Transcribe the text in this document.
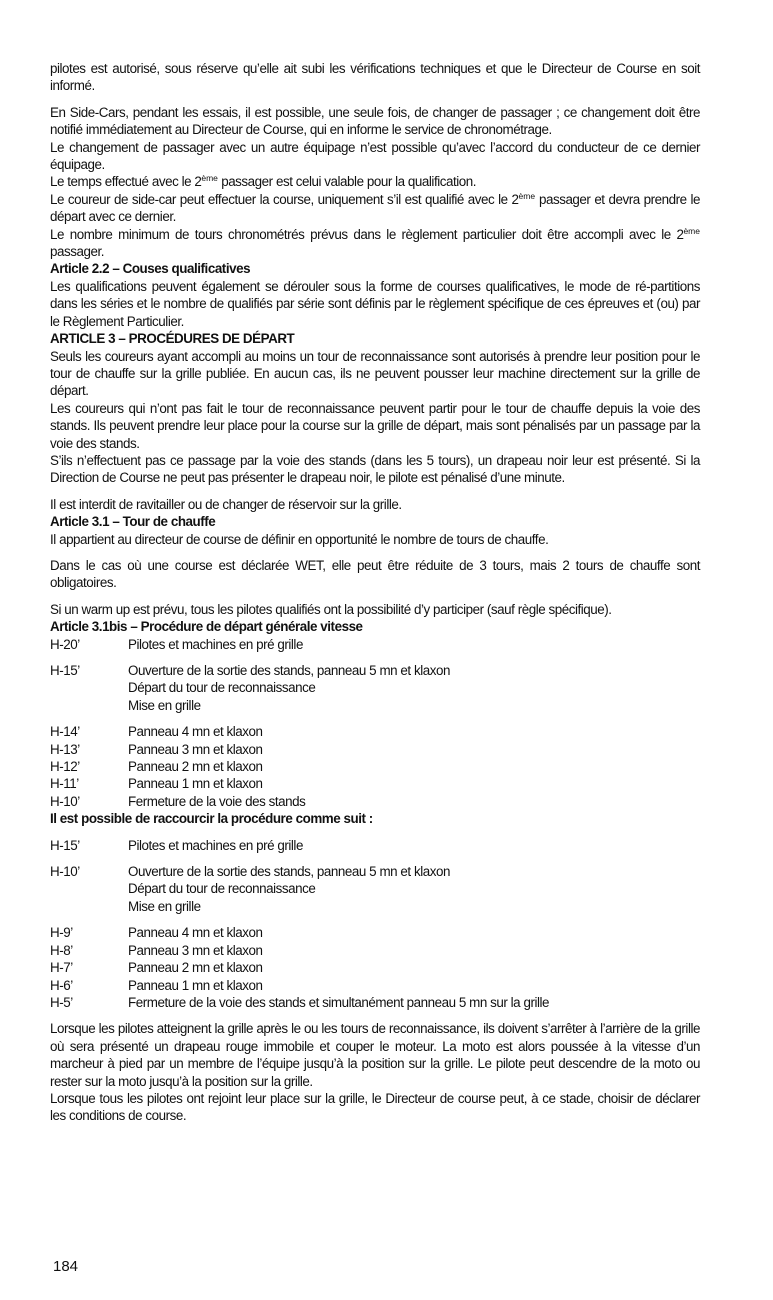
pilotes est autorisé, sous réserve qu’elle ait subi les vérifications techniques et que le Directeur de Course en soit informé.

En Side-Cars, pendant les essais, il est possible, une seule fois, de changer de passager ; ce changement doit être notifié immédiatement au Directeur de Course, qui en informe le service de chronométrage.

Le changement de passager avec un autre équipage n’est possible qu’avec l’accord du conducteur de ce dernier équipage.

Le temps effectué avec le 2ème passager est celui valable pour la qualification.

Le coureur de side-car peut effectuer la course, uniquement s’il est qualifié avec le 2ème passager et devra prendre le départ avec ce dernier.

Le nombre minimum de tours chronométrés prévus dans le règlement particulier doit être accompli avec le 2ème passager.

Article 2.2 – Couses qualificatives

Les qualifications peuvent également se dérouler sous la forme de courses qualificatives, le mode de ré-partitions dans les séries et le nombre de qualifiés par série sont définis par le règlement spécifique de ces épreuves et (ou) par le Règlement Particulier.

ARTICLE 3 – PROCÉDURES DE DÉPART

Seuls les coureurs ayant accompli au moins un tour de reconnaissance sont autorisés à prendre leur position pour le tour de chauffe sur la grille publiée. En aucun cas, ils ne peuvent pousser leur machine directement sur la grille de départ.

Les coureurs qui n’ont pas fait le tour de reconnaissance peuvent partir pour le tour de chauffe depuis la voie des stands. Ils peuvent prendre leur place pour la course sur la grille de départ, mais sont pénalisés par un passage par la voie des stands.

S’ils n’effectuent pas ce passage par la voie des stands (dans les 5 tours), un drapeau noir leur est présenté. Si la Direction de Course ne peut pas présenter le drapeau noir, le pilote est pénalisé d’une minute.

Il est interdit de ravitailler ou de changer de réservoir sur la grille.

Article 3.1 – Tour de chauffe

Il appartient au directeur de course de définir en opportunité le nombre de tours de chauffe.

Dans le cas où une course est déclarée WET, elle peut être réduite de 3 tours, mais 2 tours de chauffe sont obligatoires.

Si un warm up est prévu, tous les pilotes qualifiés ont la possibilité d’y participer (sauf règle spécifique).

Article 3.1bis – Procédure de départ générale vitesse

H-20’	Pilotes et machines en pré grille
H-15’	Ouverture de la sortie des stands, panneau 5 mn et klaxon
Départ du tour de reconnaissance
Mise en grille
H-14’	Panneau 4 mn et klaxon
H-13’	Panneau 3 mn et klaxon
H-12’	Panneau 2 mn et klaxon
H-11’	Panneau 1 mn et klaxon
H-10’	Fermeture de la voie des stands

Il est possible de raccourcir la procédure comme suit :

H-15’	Pilotes et machines en pré grille
H-10’	Ouverture de la sortie des stands, panneau 5 mn et klaxon
Départ du tour de reconnaissance
Mise en grille
H-9’	Panneau 4 mn et klaxon
H-8’	Panneau 3 mn et klaxon
H-7’	Panneau 2 mn et klaxon
H-6’	Panneau 1 mn et klaxon
H-5’	Fermeture de la voie des stands et simultanément panneau 5 mn sur la grille

Lorsque les pilotes atteignent la grille après le ou les tours de reconnaissance, ils doivent s’arrêter à l’arrière de la grille où sera présenté un drapeau rouge immobile et couper le moteur. La moto est alors poussée à la vitesse d’un marcheur à pied par un membre de l’équipe jusqu’à la position sur la grille. Le pilote peut descendre de la moto ou rester sur la moto jusqu’à la position sur la grille.

Lorsque tous les pilotes ont rejoint leur place sur la grille, le Directeur de course peut, à ce stade, choisir de déclarer les conditions de course.

184
